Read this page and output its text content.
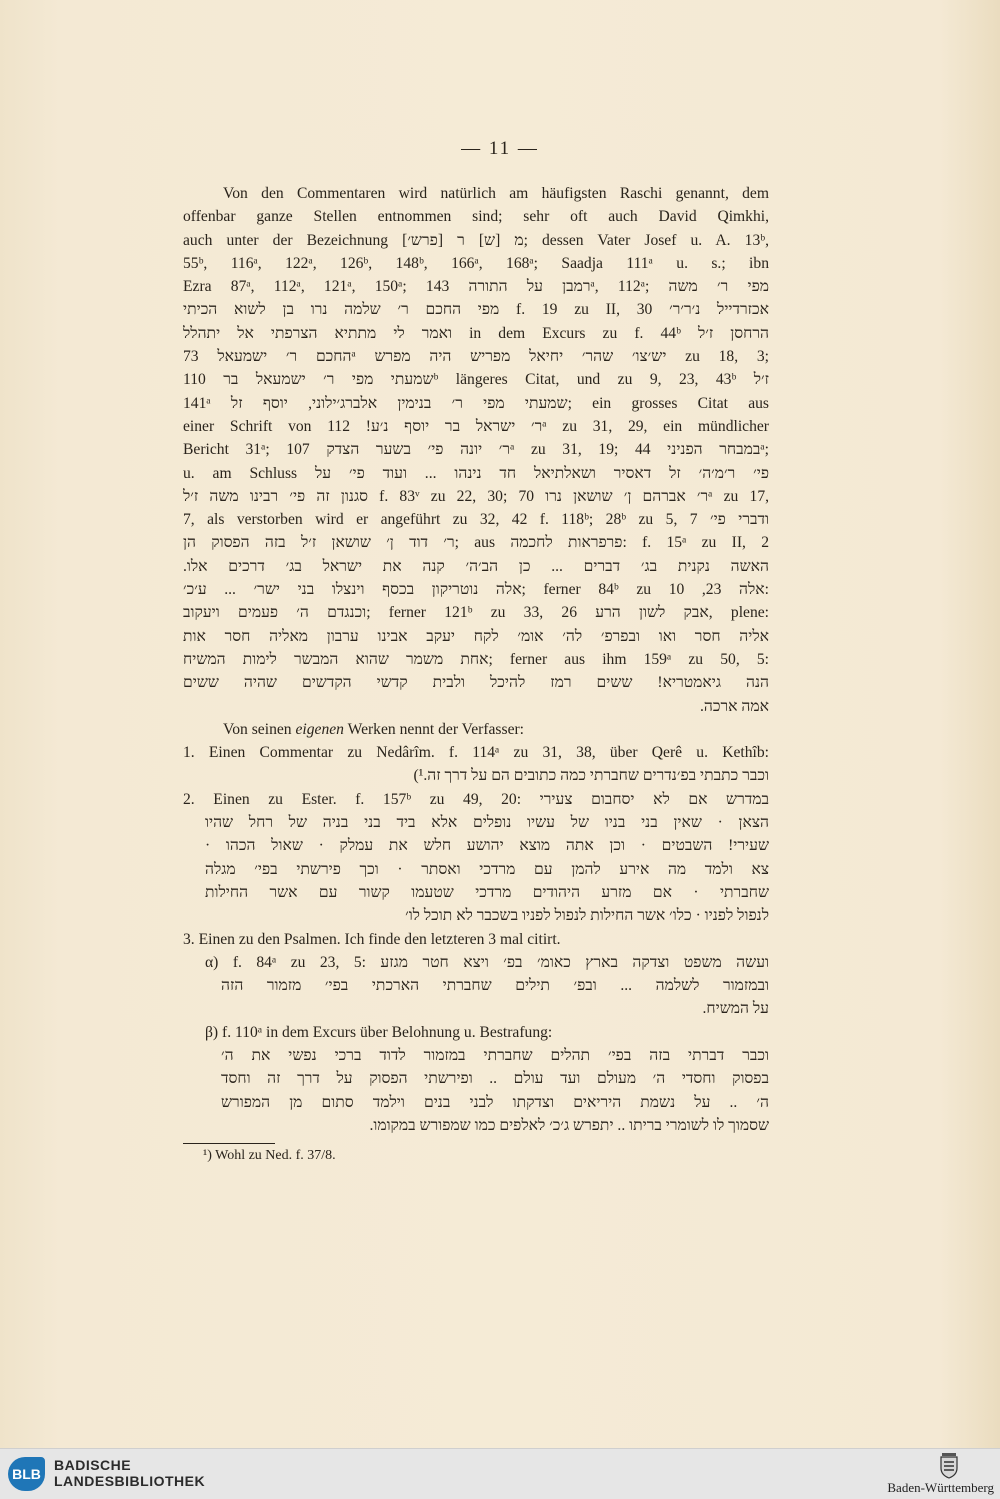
— 11 —
Von den Commentaren wird natürlich am häufigsten Raschi genannt, dem
offenbar ganze Stellen entnommen sind; sehr oft auch David Qimkhi,
auch unter der Bezeichnung [פרש׳] מ [ש] ר; dessen Vater Josef u. A. 13ᵇ,
55ᵇ, 116ᵃ, 122ᵃ, 126ᵇ, 148ᵇ, 166ᵃ, 168ᵃ; Saadja 111ᵃ u. s.; ibn
Ezra 87ᵃ, 112ᵃ, 121ᵃ, 150ᵃ; רמבן על התורה 143ᵃ, 112ᵃ; מפי ר׳ משה
מפי החכם ר׳ שלמה נרו בן לשוא הכיתי f. 19 zu II, 30 אכזרדייל נ׳ר׳ר׳
ואמר לי מתתיא הצרפתי אל יתהלל in dem Excurs zu f. 44ᵇ הרחסן ז׳ל
החכם ר׳ ישמעאל 73ᵃ יש׳צו׳ שהר׳ יחיאל מפריש היה מפרש zu 18, 3;
שמעתי מפי ר׳ ישמעאל בר 110ᵇ längeres Citat, und zu 9, 23, 43ᵇ ז׳ל
141ᵃ שמעתי מפי ר׳ בנימין אלברג׳ילוני, יוסף זל; ein grosses Citat aus
einer Schrift von ר׳ ישראל בר יוסף נ׳ע! 112ᵃ zu 31, 29, ein mündlicher
Bericht 31ᵃ; ר׳ יונה פי׳ בשער הצדק 107ᵃ zu 31, 19; במבחר הפניני 44ᵃ;
u. am Schluss פי׳ ר׳מ׳ה׳ זל דאסיר ושאלתיאל חד נינהו ... ועוד פי׳ על
סגנון זה פי׳ רבינו משה ז׳ל f. 83ᵛ zu 22, 30; ר׳ אברהם ן׳ שושאן נרו 70ᵃ zu 17,
7, als verstorben wird er angeführt zu 32, 42 f. 118ᵇ; 28ᵇ zu 5, 7 ודברי פי׳
ר׳ דוד ן׳ שושאן ז׳ל בזה הפסוק הן; aus פרפראות לחכמה: f. 15ᵃ zu II, 2
האשה נקנית בג׳ דברים ... כן הב׳ה׳ קנה את ישראל בג׳ דרכים אלו.
אלה נוטריקון בכסף וינצלו בני ישר׳ ... ע׳כ׳; ferner 84ᵇ zu אלה 23, 10:
וכנגדם ה׳ פעמים ויעקוב; ferner 121ᵇ zu 33, 26 אבק לשון הרע, plene:
אליה חסר ואו ובפרפ׳ לה׳ אומ׳ לקח יעקב אבינו ערבון מאליה חסר אות
אחת משמר שהוא המבשר לימות המשיח; ferner aus ihm 159ᵃ zu 50, 5:
הנה גיאמטריא! ששים רמז להיכל ולבית קדשי הקדשים שהיה ששים
אמה ארכה.
Von seinen eigenen Werken nennt der Verfasser:
1. Einen Commentar zu Nedârîm. f. 114ᵃ zu 31, 38, über Qerê u. Kethîb:
וכבר כתבתי בפ׳נדרים שחברתי כמה כתובים הם על דרך זה.¹)
2. Einen zu Ester. f. 157ᵇ zu 49, 20: במדרש אם לא יסחבום צעירי
הצאן · שאין בני בניו של עשיו נופלים אלא ביד בני בניה של רחל שהיו
שעירי! השבטים · וכן אתה מוצא יהושע חלש את עמלק · שאול הכהו ·
צא ולמד מה אירע להמן עם מרדכי ואסתר · וכך פירשתי בפי׳ מגלה
שחברתי · אם מזרע היהודים מרדכי שטעמו קשור עם אשר החילות
לנפול לפניו · כלו׳ אשר החילות לנפול לפניו בשכבר לא תוכל לו׳
3. Einen zu den Psalmen. Ich finde den letzteren 3 mal citirt.
α) f. 84ᵃ zu 23, 5: ועשה משפט וצדקה בארץ כאומ׳ בפ׳ ויצא חטר מגזע
ובמזמור לשלמה ... ובפ׳ תילים שחברתי הארכתי בפי׳ מזמור הזה
על המשיח.
β) f. 110ᵃ in dem Excurs über Belohnung u. Bestrafung:
וכבר דברתי בזה בפי׳ תהלים שחברתי במזמור לדוד ברכי נפשי את ה׳
בפסוק וחסדי ה׳ מעולם ועד עולם .. ופירשתי הפסוק על דרך זה וחסד
ה׳ .. על נשמת היריאים וצדקתו לבני בנים וילמד סתום מן המפורש
שסמוך לו לשומרי בריתו .. יתפרש ג׳כ׳ לאלפים כמו שמפורש במקומו.
¹) Wohl zu Ned. f. 37/8.
BLB
BADISCHE
LANDESBIBLIOTHEK	Baden-Württemberg
